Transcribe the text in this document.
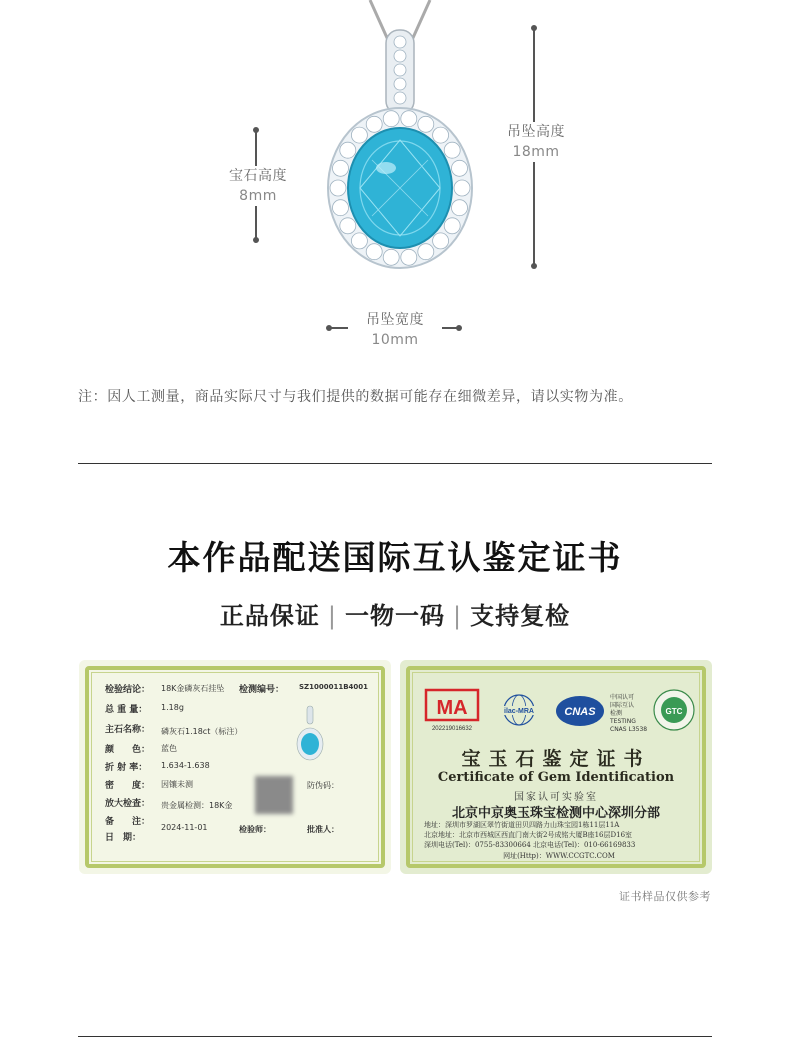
宝石高度
8mm
吊坠高度
18mm
吊坠宽度
10mm
注：因人工测量，商品实际尺寸与我们提供的数据可能存在细微差异，请以实物为准。
本作品配送国际互认鉴定证书
正品保证 | 一物一码 | 支持复检
检验结论： 18K金磷灰石挂坠
总 重 量： 1.18g
主石名称： 磷灰石1.18ct（标注）
颜　　色： 蓝色
折 射 率： 1.634-1.638
密　　度： 因镶未测
放大检查： 贵金属检测：18K金
备　　注：
2024-11-01
日　期：
检测编号： SZ1000011B4001
防伪码：
检验师：	批准人：
MA
202219016632
ilac-MRA	CNAS
中国认可
国际互认
检测
TESTING
CNAS L3538
GTC
宝玉石鉴定证书
Certificate of Gem Identification
国家认可实验室
北京中京奥玉珠宝检测中心深圳分部
地址：深圳市罗湖区翠竹街道田贝四路力山珠宝园1栋11层11A
北京地址：北京市西城区西直门南大街2号成铭大厦B座16层D16室
深圳电话(Tel)：0755-83300664 北京电话(Tel)：010-66169833
网址(Http)：WWW.CCGTC.COM
证书样品仅供参考
